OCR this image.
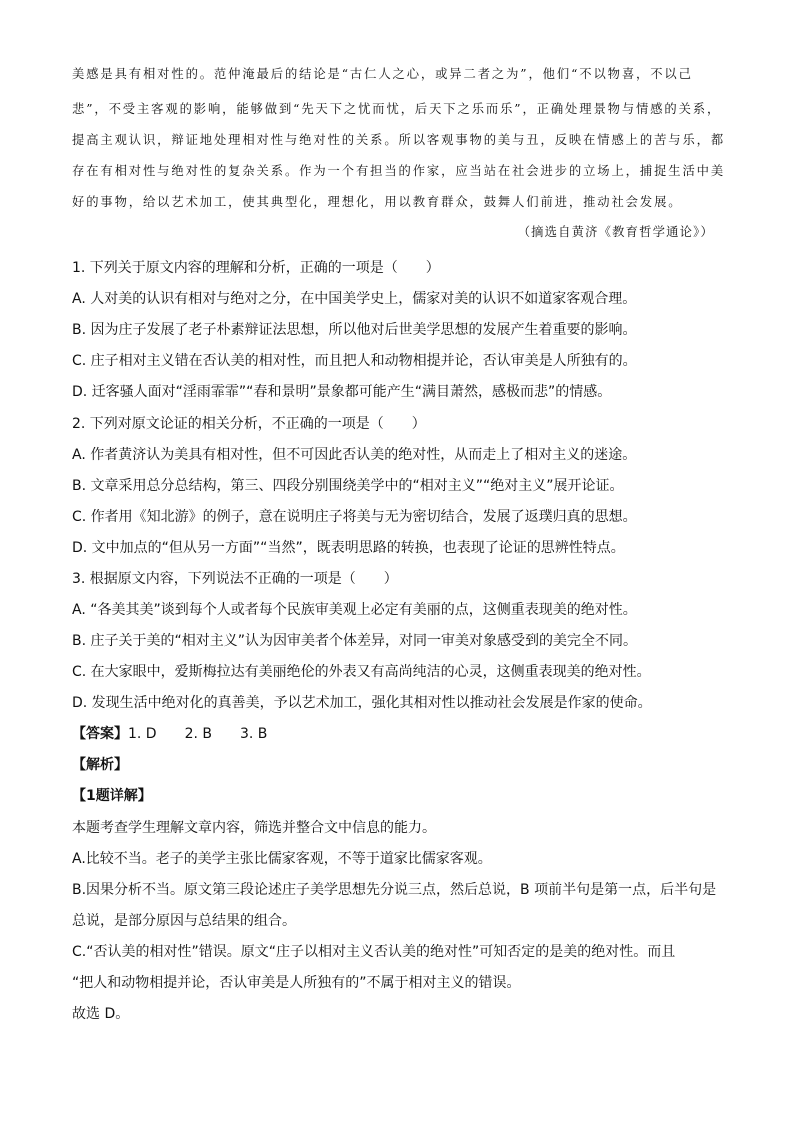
美感是具有相对性的。范仲淹最后的结论是“古仁人之心，或异二者之为”，他们“不以物喜，不以己

悲”，不受主客观的影响，能够做到“先天下之忧而忧，后天下之乐而乐”，正确处理景物与情感的关系，

提高主观认识，辩证地处理相对性与绝对性的关系。所以客观事物的美与丑，反映在情感上的苦与乐，都

存在有相对性与绝对性的复杂关系。作为一个有担当的作家，应当站在社会进步的立场上，捕捉生活中美

好的事物，给以艺术加工，使其典型化，理想化，用以教育群众，鼓舞人们前进，推动社会发展。

（摘选自黄济《教育哲学通论》）

1. 下列关于原文内容的理解和分析，正确的一项是（　　）

A. 人对美的认识有相对与绝对之分，在中国美学史上，儒家对美的认识不如道家客观合理。

B. 因为庄子发展了老子朴素辩证法思想，所以他对后世美学思想的发展产生着重要的影响。

C. 庄子相对主义错在否认美的相对性，而且把人和动物相提并论，否认审美是人所独有的。

D. 迁客骚人面对“淫雨霏霏”“春和景明”景象都可能产生“满目萧然，感极而悲”的情感。

2. 下列对原文论证的相关分析，不正确的一项是（　　）

A. 作者黄济认为美具有相对性，但不可因此否认美的绝对性，从而走上了相对主义的迷途。

B. 文章采用总分总结构，第三、四段分别围绕美学中的“相对主义”“绝对主义”展开论证。

C. 作者用《知北游》的例子，意在说明庄子将美与无为密切结合，发展了返璞归真的思想。

D. 文中加点的“但从另一方面”“当然”，既表明思路的转换，也表现了论证的思辨性特点。

3. 根据原文内容，下列说法不正确的一项是（　　）

A. “各美其美”谈到每个人或者每个民族审美观上必定有美丽的点，这侧重表现美的绝对性。

B. 庄子关于美的“相对主义”认为因审美者个体差异，对同一审美对象感受到的美完全不同。

C. 在大家眼中，爱斯梅拉达有美丽绝伦的外表又有高尚纯洁的心灵，这侧重表现美的绝对性。

D. 发现生活中绝对化的真善美，予以艺术加工，强化其相对性以推动社会发展是作家的使命。

【答案】1. D　　2. B　　3. B

【解析】

【1题详解】

本题考查学生理解文章内容，筛选并整合文中信息的能力。

A.比较不当。老子的美学主张比儒家客观，不等于道家比儒家客观。

B.因果分析不当。原文第三段论述庄子美学思想先分说三点，然后总说，B 项前半句是第一点，后半句是

总说，是部分原因与总结果的组合。

C.“否认美的相对性”错误。原文“庄子以相对主义否认美的绝对性”可知否定的是美的绝对性。而且

“把人和动物相提并论，否认审美是人所独有的”不属于相对主义的错误。

故选 D。
